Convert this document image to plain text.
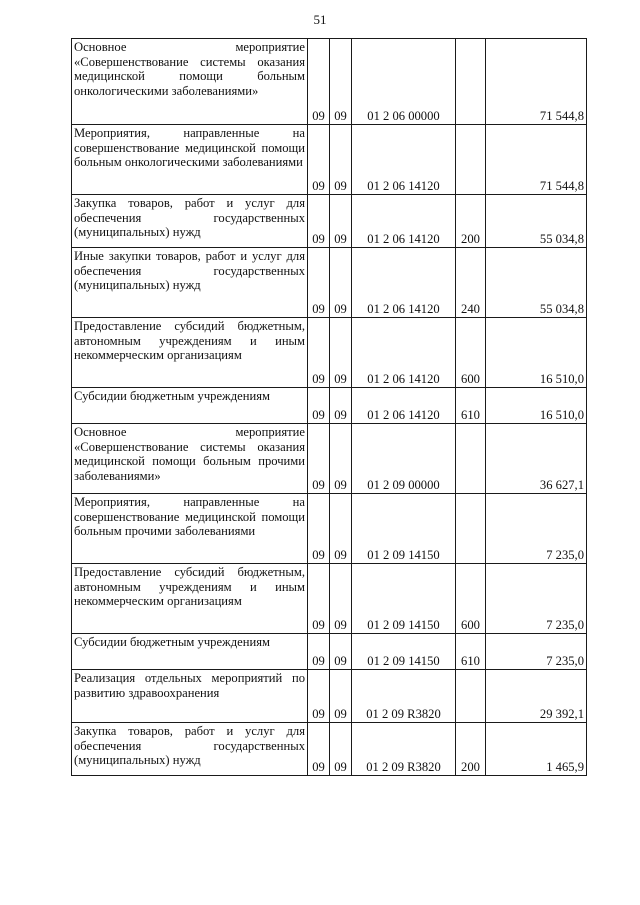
51
Основное мероприятие «Совершенствование системы оказания медицинской помощи больным онкологическими заболеваниями»	09	09	01 2 06 00000		71 544,8
Мероприятия, направленные на совершенствование медицинской помощи больным онкологическими заболеваниями	09	09	01 2 06 14120		71 544,8
Закупка товаров, работ и услуг для обеспечения государственных (муниципальных) нужд	09	09	01 2 06 14120	200	55 034,8
Иные закупки товаров, работ и услуг для обеспечения государственных (муниципальных) нужд	09	09	01 2 06 14120	240	55 034,8
Предоставление субсидий бюджетным, автономным учреждениям и иным некоммерческим организациям	09	09	01 2 06 14120	600	16 510,0
Субсидии бюджетным учреждениям	09	09	01 2 06 14120	610	16 510,0
Основное мероприятие «Совершенствование системы оказания медицинской помощи больным прочими заболеваниями»	09	09	01 2 09 00000		36 627,1
Мероприятия, направленные на совершенствование медицинской помощи больным прочими заболеваниями	09	09	01 2 09 14150		7 235,0
Предоставление субсидий бюджетным, автономным учреждениям и иным некоммерческим организациям	09	09	01 2 09 14150	600	7 235,0
Субсидии бюджетным учреждениям	09	09	01 2 09 14150	610	7 235,0
Реализация отдельных мероприятий по развитию здравоохранения	09	09	01 2 09 R3820		29 392,1
Закупка товаров, работ и услуг для обеспечения государственных (муниципальных) нужд	09	09	01 2 09 R3820	200	1 465,9
